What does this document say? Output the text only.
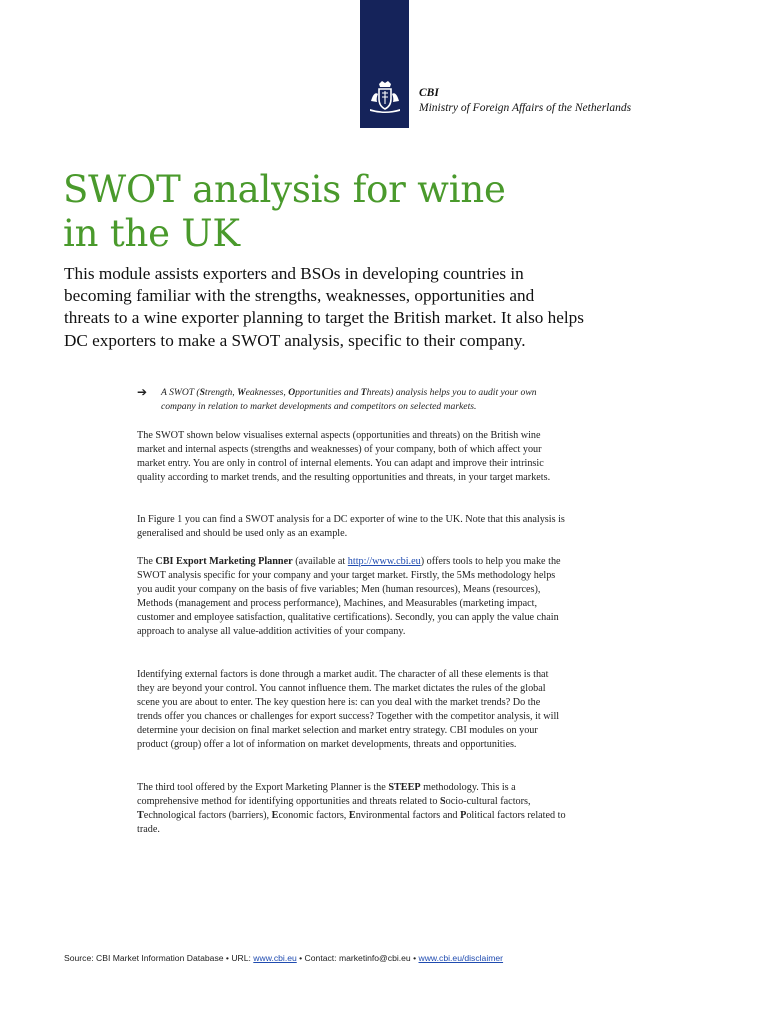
CBI
Ministry of Foreign Affairs of the Netherlands
SWOT analysis for wine
in the UK

This module assists exporters and BSOs in developing countries in becoming familiar with the strengths, weaknesses, opportunities and threats to a wine exporter planning to target the British market. It also helps DC exporters to make a SWOT analysis, specific to their company.

➔	A SWOT (Strength, Weaknesses, Opportunities and Threats) analysis helps you to audit your own company in relation to market developments and competitors on selected markets.

The SWOT shown below visualises external aspects (opportunities and threats) on the British wine market and internal aspects (strengths and weaknesses) of your company, both of which affect your market entry. You are only in control of internal elements. You can adapt and improve their intrinsic quality according to market trends, and the resulting opportunities and threats, in your target markets.

In Figure 1 you can find a SWOT analysis for a DC exporter of wine to the UK. Note that this analysis is generalised and should be used only as an example.

The CBI Export Marketing Planner (available at http://www.cbi.eu) offers tools to help you make the SWOT analysis specific for your company and your target market. Firstly, the 5Ms methodology helps you audit your company on the basis of five variables; Men (human resources), Means (resources), Methods (management and process performance), Machines, and Measurables (marketing impact, customer and employee satisfaction, qualitative certifications). Secondly, you can apply the value chain approach to analyse all value-addition activities of your company.

Identifying external factors is done through a market audit. The character of all these elements is that they are beyond your control. You cannot influence them. The market dictates the rules of the global scene you are about to enter. The key question here is: can you deal with the market trends? Do the trends offer you chances or challenges for export success? Together with the competitor analysis, it will determine your decision on final market selection and market entry strategy. CBI modules on your product (group) offer a lot of information on market developments, threats and opportunities.

The third tool offered by the Export Marketing Planner is the STEEP methodology. This is a comprehensive method for identifying opportunities and threats related to Socio-cultural factors, Technological factors (barriers), Economic factors, Environmental factors and Political factors related to trade.

Source: CBI Market Information Database • URL: www.cbi.eu • Contact: marketinfo@cbi.eu • www.cbi.eu/disclaimer
